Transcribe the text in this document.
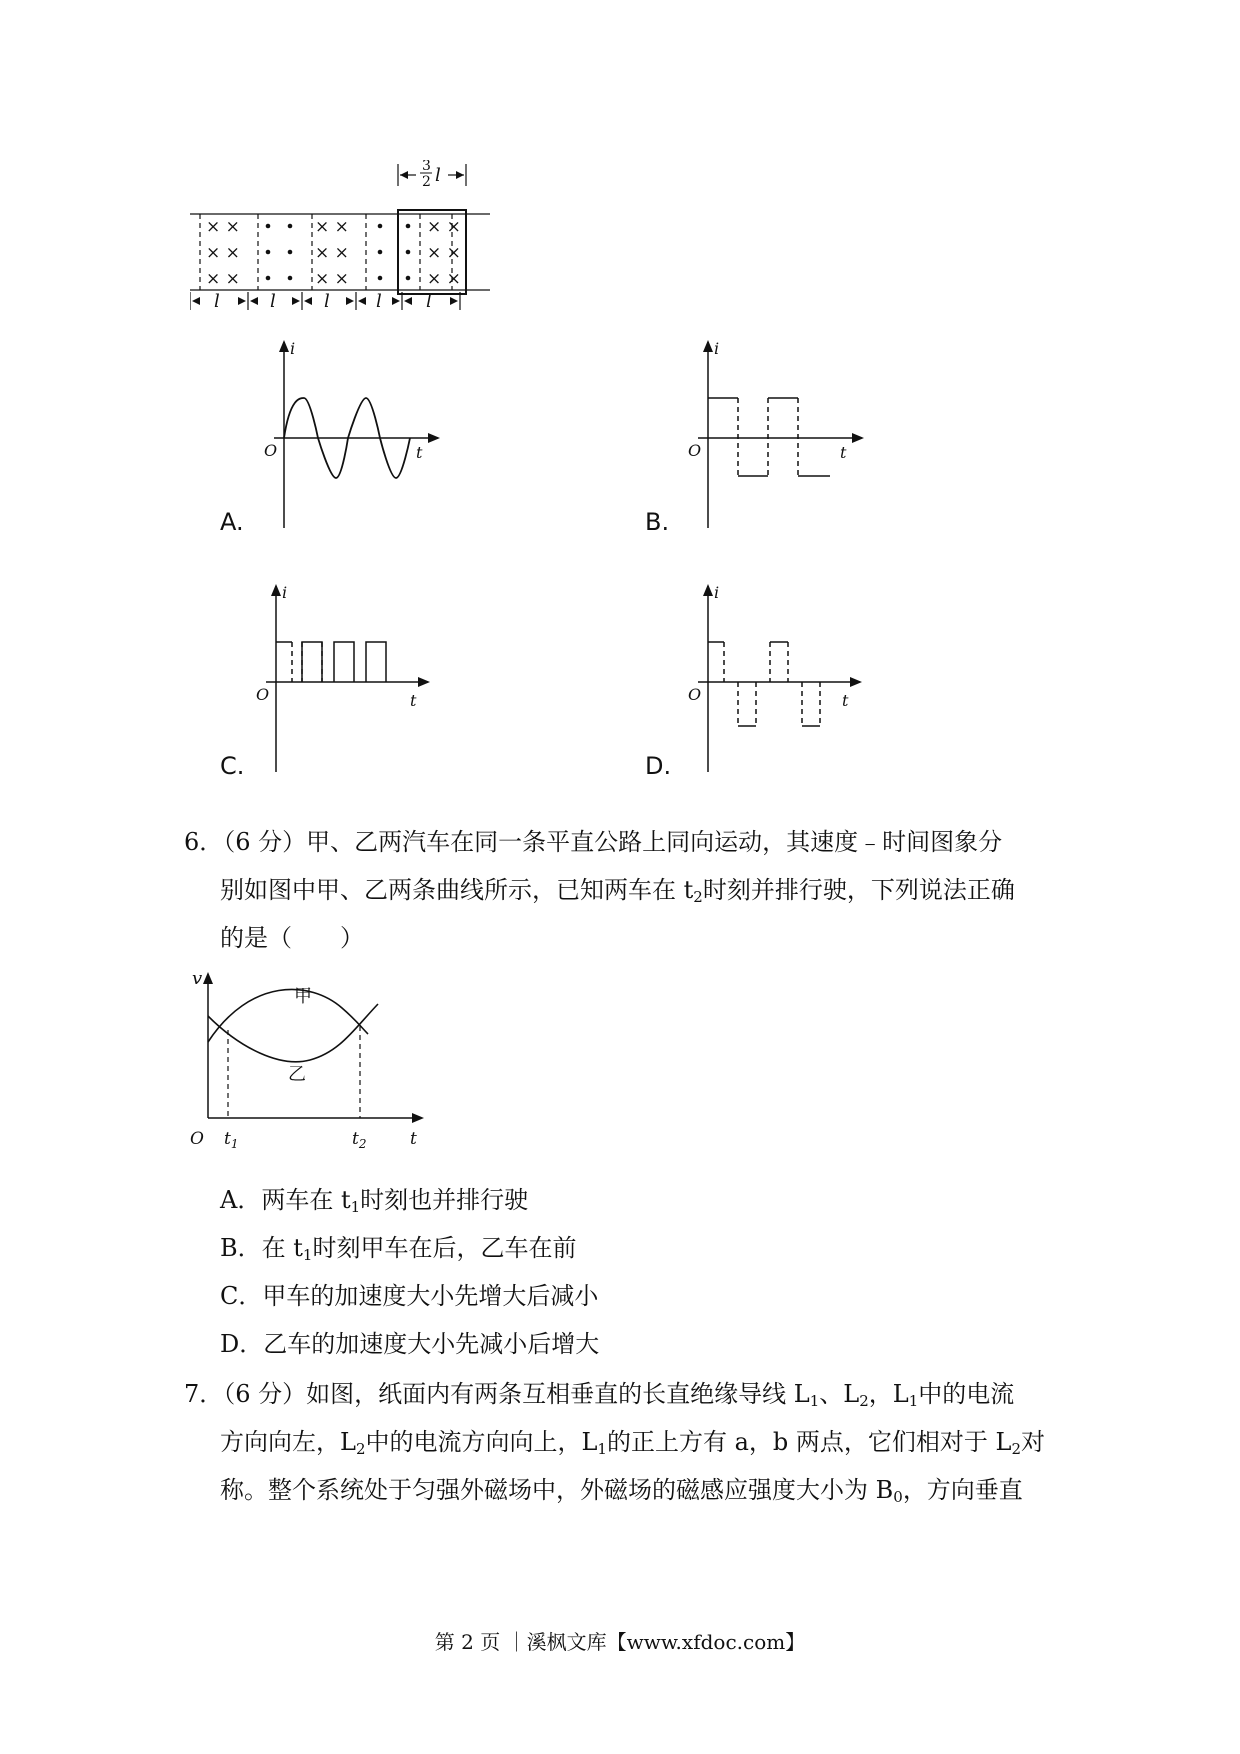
× ×
× ×
× ×
× ×
× ×
× ×
× ×
× ×
× ×
l	l	l	l l
3
2 l
i
O	t
A.
i
O	t
B.
i
O	t
C.
i
O	t
D.
6．（6 分）甲、乙两汽车在同一条平直公路上同向运动，其速度﹣时间图象分
别如图中甲、乙两条曲线所示，已知两车在 $t_2$时刻并排行驶，下列说法正确
的是（　　）
v
甲
乙
O $t_1$	$t_2$	t
A．两车在 $t_1$时刻也并排行驶
B．在 $t_1$时刻甲车在后，乙车在前
C．甲车的加速度大小先增大后减小
D．乙车的加速度大小先减小后增大
7．（6 分）如图，纸面内有两条互相垂直的长直绝缘导线 $L_1$、$L_2$，$L_1$中的电流
方向向左，$L_2$中的电流方向向上，$L_1$的正上方有 a，b 两点，它们相对于 $L_2$对
称。整个系统处于匀强外磁场中，外磁场的磁感应强度大小为 $B_0$，方向垂直
第 2 页 ｜溪枫文库【www.xfdoc.com】
